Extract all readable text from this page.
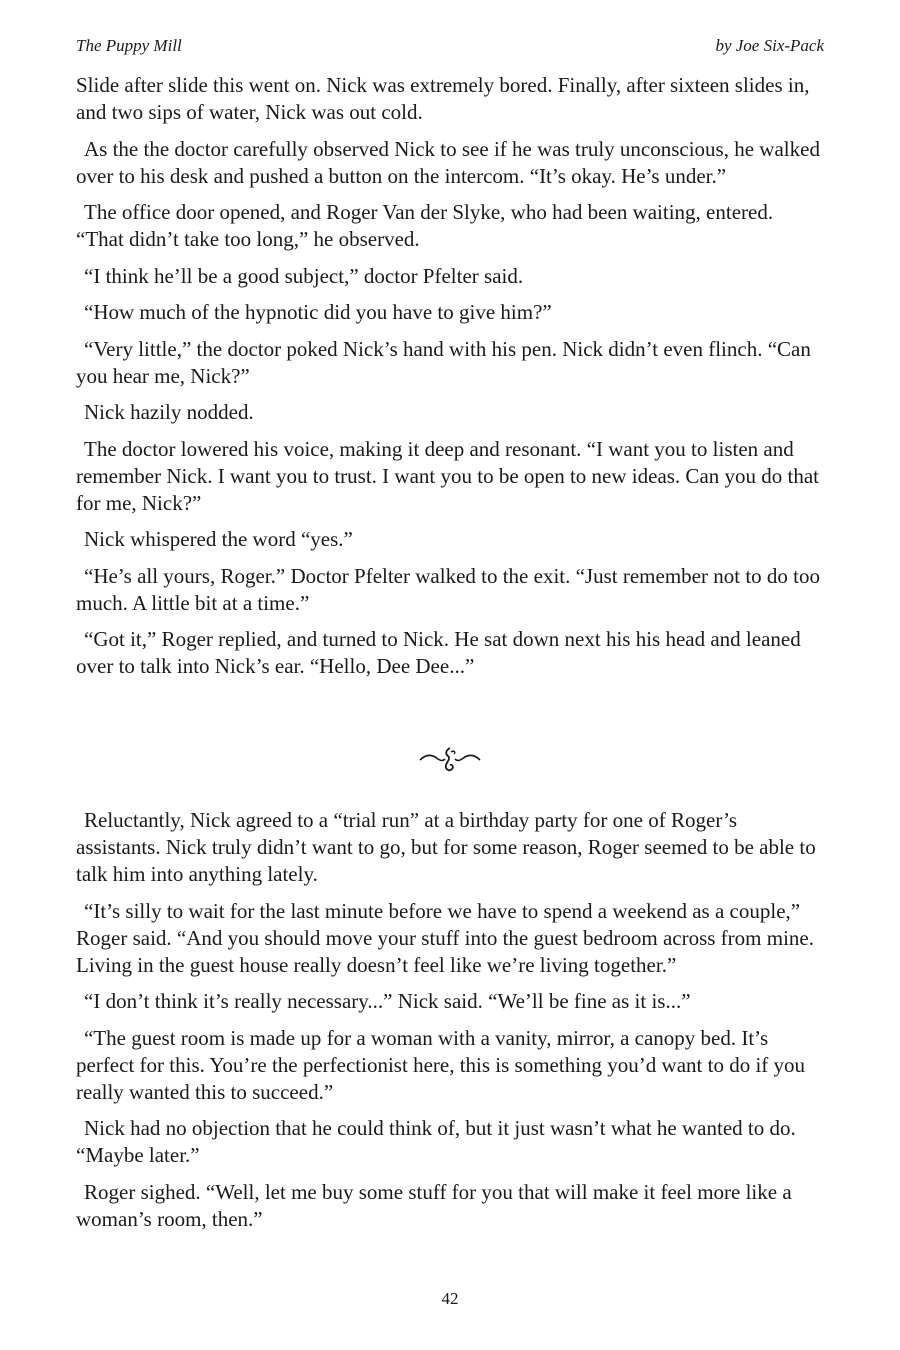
The Puppy Mill	by Joe Six-Pack

Slide after slide this went on. Nick was extremely bored. Finally, after sixteen slides in, and two sips of water, Nick was out cold.

As the the doctor carefully observed Nick to see if he was truly unconscious, he walked over to his desk and pushed a button on the intercom. “It’s okay. He’s under.”

The office door opened, and Roger Van der Slyke, who had been waiting, entered. “That didn’t take too long,” he observed.

“I think he’ll be a good subject,” doctor Pfelter said.

“How much of the hypnotic did you have to give him?”

“Very little,” the doctor poked Nick’s hand with his pen. Nick didn’t even flinch. “Can you hear me, Nick?”

Nick hazily nodded.

The doctor lowered his voice, making it deep and resonant. “I want you to listen and remember Nick. I want you to trust. I want you to be open to new ideas. Can you do that for me, Nick?”

Nick whispered the word “yes.”

“He’s all yours, Roger.” Doctor Pfelter walked to the exit. “Just remember not to do too much. A little bit at a time.”

“Got it,” Roger replied, and turned to Nick. He sat down next his his head and leaned over to talk into Nick’s ear. “Hello, Dee Dee...”

Reluctantly, Nick agreed to a “trial run” at a birthday party for one of Roger’s assistants. Nick truly didn’t want to go, but for some reason, Roger seemed to be able to talk him into anything lately.

“It’s silly to wait for the last minute before we have to spend a weekend as a couple,” Roger said. “And you should move your stuff into the guest bedroom across from mine. Living in the guest house really doesn’t feel like we’re living together.”

“I don’t think it’s really necessary...” Nick said. “We’ll be fine as it is...”

“The guest room is made up for a woman with a vanity, mirror, a canopy bed. It’s perfect for this. You’re the perfectionist here, this is something you’d want to do if you really wanted this to succeed.”

Nick had no objection that he could think of, but it just wasn’t what he wanted to do. “Maybe later.”

Roger sighed. “Well, let me buy some stuff for you that will make it feel more like a woman’s room, then.”

42
